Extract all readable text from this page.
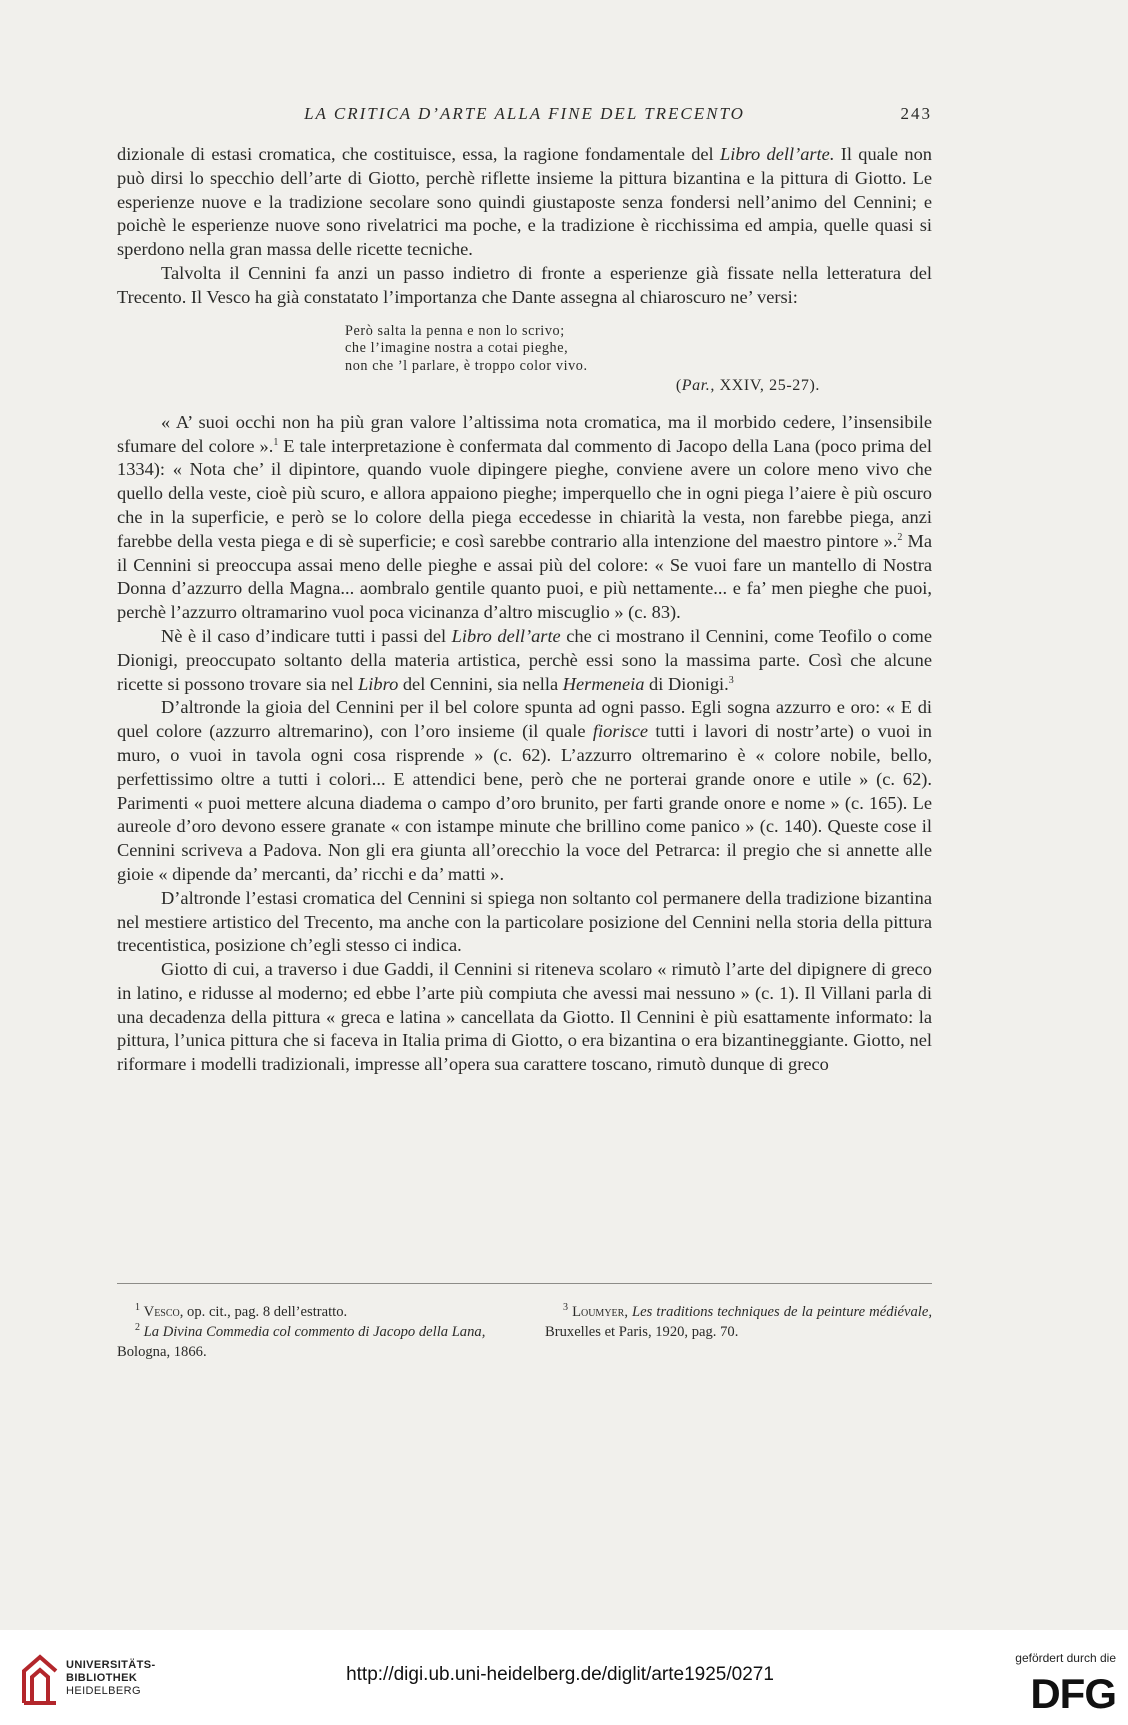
LA CRITICA D’ARTE ALLA FINE DEL TRECENTO	243

dizionale di estasi cromatica, che costituisce, essa, la ragione fondamentale del Libro dell’arte. Il quale non può dirsi lo specchio dell’arte di Giotto, perchè riflette insieme la pittura bizantina e la pittura di Giotto. Le esperienze nuove e la tradizione secolare sono quindi giustaposte senza fondersi nell’animo del Cennini; e poichè le esperienze nuove sono rivelatrici ma poche, e la tradizione è ricchissima ed ampia, quelle quasi si sperdono nella gran massa delle ricette tecniche.

Talvolta il Cennini fa anzi un passo indietro di fronte a esperienze già fissate nella letteratura del Trecento. Il Vesco ha già constatato l’importanza che Dante assegna al chiaroscuro ne’ versi:

Però salta la penna e non lo scrivo;
che l’imagine nostra a cotai pieghe,
non che ’l parlare, è troppo color vivo.
(Par., XXIV, 25-27).

« A’ suoi occhi non ha più gran valore l’altissima nota cromatica, ma il morbido cedere, l’insensibile sfumare del colore ».$^1$ E tale interpretazione è confermata dal commento di Jacopo della Lana (poco prima del 1334): « Nota che’ il dipintore, quando vuole dipingere pieghe, conviene avere un colore meno vivo che quello della veste, cioè più scuro, e allora appaiono pieghe; imperquello che in ogni piega l’aiere è più oscuro che in la superficie, e però se lo colore della piega eccedesse in chiarità la vesta, non farebbe piega, anzi farebbe della vesta piega e di sè superficie; e così sarebbe contrario alla intenzione del maestro pintore ».$^2$ Ma il Cennini si preoccupa assai meno delle pieghe e assai più del colore: « Se vuoi fare un mantello di Nostra Donna d’azzurro della Magna... aombralo gentile quanto puoi, e più nettamente... e fa’ men pieghe che puoi, perchè l’azzurro oltramarino vuol poca vicinanza d’altro miscuglio » (c. 83).

Nè è il caso d’indicare tutti i passi del Libro dell’arte che ci mostrano il Cennini, come Teofilo o come Dionigi, preoccupato soltanto della materia artistica, perchè essi sono la massima parte. Così che alcune ricette si possono trovare sia nel Libro del Cennini, sia nella Hermeneia di Dionigi.$^3$

D’altronde la gioia del Cennini per il bel colore spunta ad ogni passo. Egli sogna azzurro e oro: « E di quel colore (azzurro altremarino), con l’oro insieme (il quale fiorisce tutti i lavori di nostr’arte) o vuoi in muro, o vuoi in tavola ogni cosa risprende » (c. 62). L’azzurro oltremarino è « colore nobile, bello, perfettissimo oltre a tutti i colori... E attendici bene, però che ne porterai grande onore e utile » (c. 62). Parimenti « puoi mettere alcuna diadema o campo d’oro brunito, per farti grande onore e nome » (c. 165). Le aureole d’oro devono essere granate « con istampe minute che brillino come panico » (c. 140). Queste cose il Cennini scriveva a Padova. Non gli era giunta all’orecchio la voce del Petrarca: il pregio che si annette alle gioie « dipende da’ mercanti, da’ ricchi e da’ matti ».

D’altronde l’estasi cromatica del Cennini si spiega non soltanto col permanere della tradizione bizantina nel mestiere artistico del Trecento, ma anche con la particolare posizione del Cennini nella storia della pittura trecentistica, posizione ch’egli stesso ci indica.

Giotto di cui, a traverso i due Gaddi, il Cennini si riteneva scolaro « rimutò l’arte del dipignere di greco in latino, e ridusse al moderno; ed ebbe l’arte più compiuta che avessi mai nessuno » (c. 1). Il Villani parla di una decadenza della pittura « greca e latina » cancellata da Giotto. Il Cennini è più esattamente informato: la pittura, l’unica pittura che si faceva in Italia prima di Giotto, o era bizantina o era bizantineggiante. Giotto, nel riformare i modelli tradizionali, impresse all’opera sua carattere toscano, rimutò dunque di greco

$^1$ Vesco, op. cit., pag. 8 dell’estratto.

$^2$ La Divina Commedia col commento di Jacopo della Lana, Bologna, 1866.

$^3$ Loumyer, Les traditions techniques de la peinture médiévale, Bruxelles et Paris, 1920, pag. 70.

UNIVERSITÄTS-
BIBLIOTHEK
HEIDELBERG
http://digi.ub.uni-heidelberg.de/diglit/arte1925/0271
gefördert durch die
DFG
